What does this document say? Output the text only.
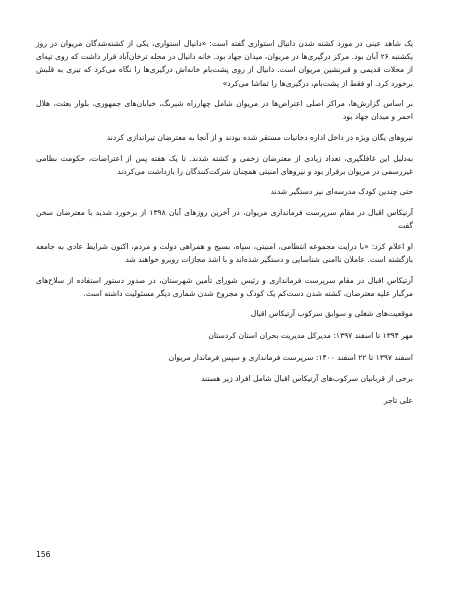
یک شاهد عینی در مورد کشته شدن دانیال استواری گفته است: «دانیال استواری، یکی از کشته‌شدگان مریوان در روز یکشنبه ۲۶ آبان بود. مرکز درگیری‌ها در مریوان، میدان جهاد بود. خانه دانیال در محله ترخان‌آباد قرار داشت که روی تپه‌ای از محلات قدیمی و قبرنشین مریوان است. دانیال از روی پشت‌بام خانه‌اش درگیری‌ها را نگاه می‌کرد که تیری به قلبش برخورد کرد. او فقط از پشت‌بام، درگیری‌ها را تماشا می‌کرد»

بر اساس گزارش‌ها، مراکز اصلی اعتراض‌ها در مریوان شامل چهارراه شیرنگ، خیابان‌های جمهوری، بلوار بعثت، هلال احمر و میدان جهاد بود

نیروهای یگان ویژه در داخل اداره دخانیات مستقر شده بودند و از آنجا به معترضان تیراندازی کردند

به‌دلیل این غافلگیری، تعداد زیادی از معترضان زخمی و کشته شدند. تا یک هفته پس از اعتراضات، حکومت نظامی غیررسمی در مریوان برقرار بود و نیروهای امنیتی همچنان شرکت‌کنندگان را بازداشت می‌کردند

حتی چندین کودک مدرسه‌ای نیز دستگیر شدند

آرتیکاس اقبال در مقام سرپرست فرمانداری مریوان، در آخرین روزهای آبان ۱۳۹۸ از برخورد شدید با معترضان سخن گفت

او اعلام کرد: «با درایت مجموعه انتظامی، امنیتی، سپاه، بسیج و همراهی دولت و مردم، اکنون شرایط عادی به جامعه بازگشته است. عاملان ناامنی شناسایی و دستگیر شده‌اند و با اشد مجازات روبرو خواهند شد

آرتیکاس اقبال در مقام سرپرست فرمانداری و رئیس شورای تأمین شهرستان، در صدور دستور استفاده از سلاح‌های مرگبار علیه معترضان، کشته شدن دست‌کم یک کودک و مجروح شدن شماری دیگر مسئولیت داشته است.

موقعیت‌های شغلی و سوابق سرکوب آرتیکاس اقبال

مهر ۱۳۹۴ تا اسفند ۱۳۹۷: مدیرکل مدیریت بحران استان کردستان

اسفند ۱۳۹۷ تا ۲۲ اسفند ۱۴۰۰: سرپرست فرمانداری و سپس فرماندار مریوان

برخی از قربانیان سرکوب‌های آرتیکاس اقبال شامل افراد زیر هستند

علی تاجر

156
